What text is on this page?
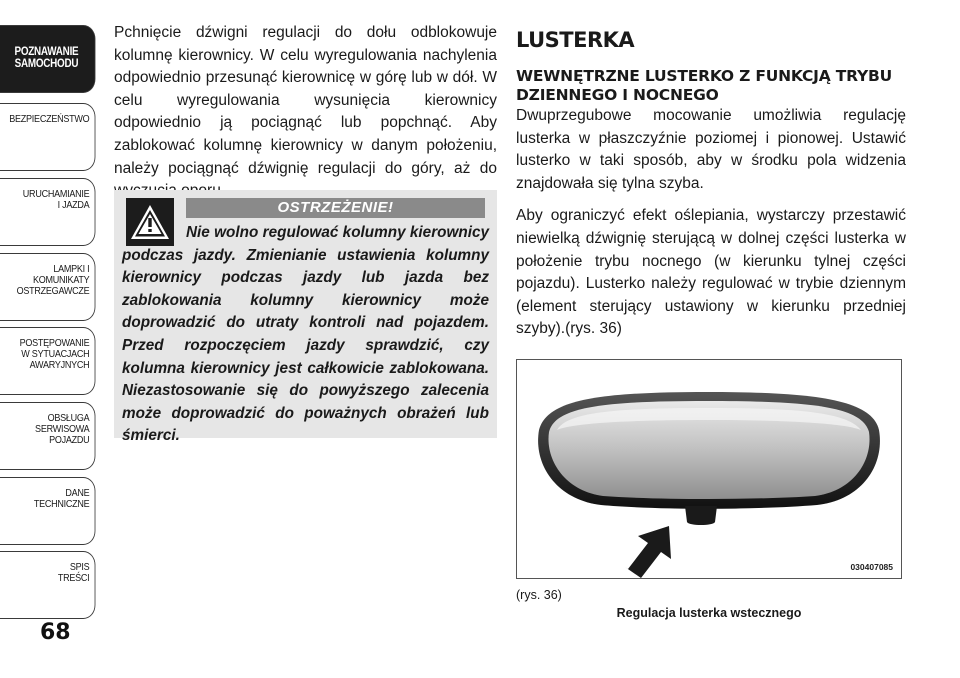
POZNAWANIE
SAMOCHODU
BEZPIECZEŃSTWO
URUCHAMIANIE
I JAZDA
LAMPKI I
KOMUNIKATY
OSTRZEGAWCZE
POSTĘPOWANIE
W SYTUACJACH
AWARYJNYCH
OBSŁUGA
SERWISOWA
POJAZDU
DANE
TECHNICZNE
SPIS
TREŚCI
68

Pchnięcie dźwigni regulacji do dołu odblokowuje kolumnę kierownicy. W celu wyregulowania nachylenia odpowiednio przesunąć kierownicę w górę lub w dół. W celu wyregulowania wysunięcia kierownicy odpowiednio ją pociągnąć lub popchnąć. Aby zablokować kolumnę kierownicy w danym położeniu, należy pociągnąć dźwignię regulacji do góry, aż do

OSTRZEŻENIE!

Nie wolno regulować kolumny kierownicy podczas jazdy. Zmienianie ustawienia kolumny kierownicy podczas jazdy lub jazda bez zablokowania kolumny kierownicy może doprowadzić do utraty kontroli nad pojazdem. Przed rozpoczęciem jazdy sprawdzić, czy kolumna kierownicy jest całkowicie zablokowana. Niezastosowanie się do powyższego zalecenia może doprowadzić do poważnych obrażeń lub śmierci.

LUSTERKA
WEWNĘTRZNE LUSTERKO Z FUNKCJĄ TRYBU DZIENNEGO I NOCNEGO

Dwuprzegubowe mocowanie umożliwia regulację lusterka w płaszczyźnie poziomej i pionowej. Ustawić lusterko w taki sposób, aby w środku pola widzenia znajdowała się tylna szyba.

Aby ograniczyć efekt oślepiania, wystarczy przestawić niewielką dźwignię sterującą w dolnej części lusterka w położenie trybu nocnego (w kierunku tylnej części pojazdu). Lusterko należy regulować w trybie dziennym (element sterujący ustawiony w kierunku przedniej szyby).(rys. 36)

030407085
(rys. 36)
Regulacja lusterka wstecznego
